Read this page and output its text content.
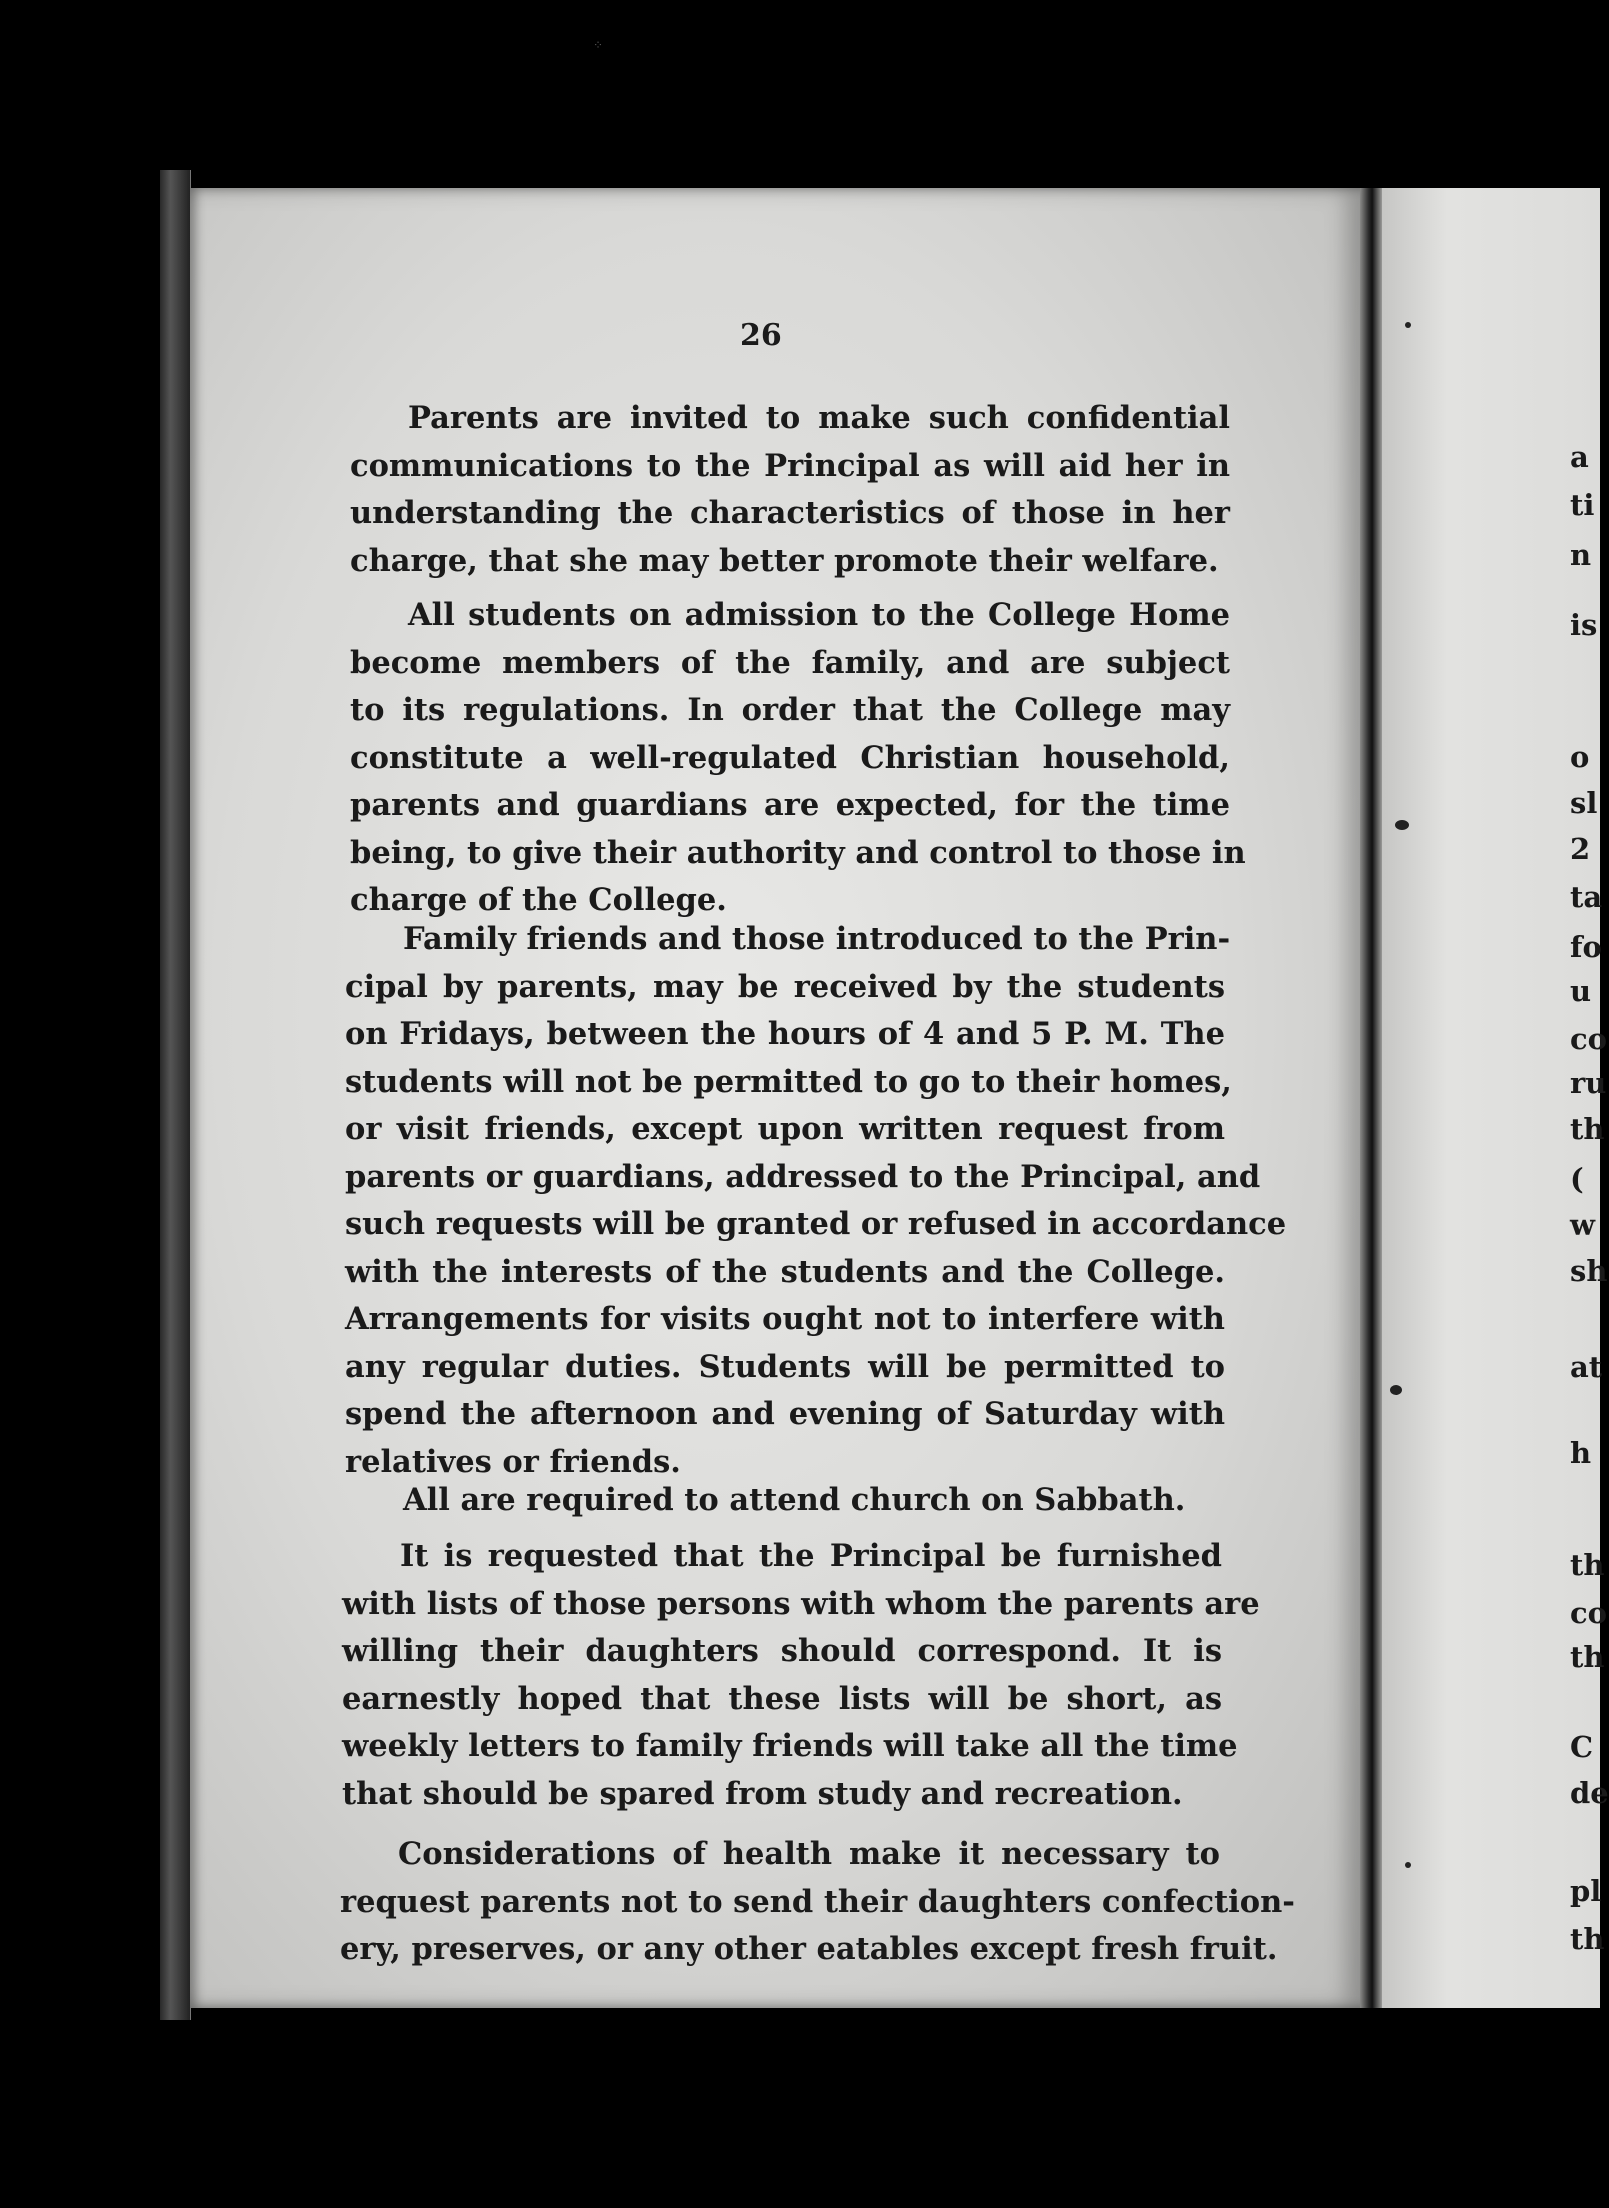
⁘
26
Parents are invited to make such confidential
communications to the Principal as will aid her in
understanding the characteristics of those in her
charge, that she may better promote their welfare.
All students on admission to the College Home
become members of the family, and are subject
to its regulations. In order that the College may
constitute a well-regulated Christian household,
parents and guardians are expected, for the time
being, to give their authority and control to those in
charge of the College.
Family friends and those introduced to the Prin-
cipal by parents, may be received by the students
on Fridays, between the hours of 4 and 5 P. M. The
students will not be permitted to go to their homes,
or visit friends, except upon written request from
parents or guardians, addressed to the Principal, and
such requests will be granted or refused in accordance
with the interests of the students and the College.
Arrangements for visits ought not to interfere with
any regular duties. Students will be permitted to
spend the afternoon and evening of Saturday with
relatives or friends.
All are required to attend church on Sabbath.
It is requested that the Principal be furnished
with lists of those persons with whom the parents are
willing their daughters should correspond. It is
earnestly hoped that these lists will be short, as
weekly letters to family friends will take all the time
that should be spared from study and recreation.
Considerations of health make it necessary to
request parents not to send their daughters confection-
ery, preserves, or any other eatables except fresh fruit.
a
ti
n
is
o
sl
2
ta
fo
u
co
ru
th
(
w
sh
at
h
th
co
th
C
de
pl
th
